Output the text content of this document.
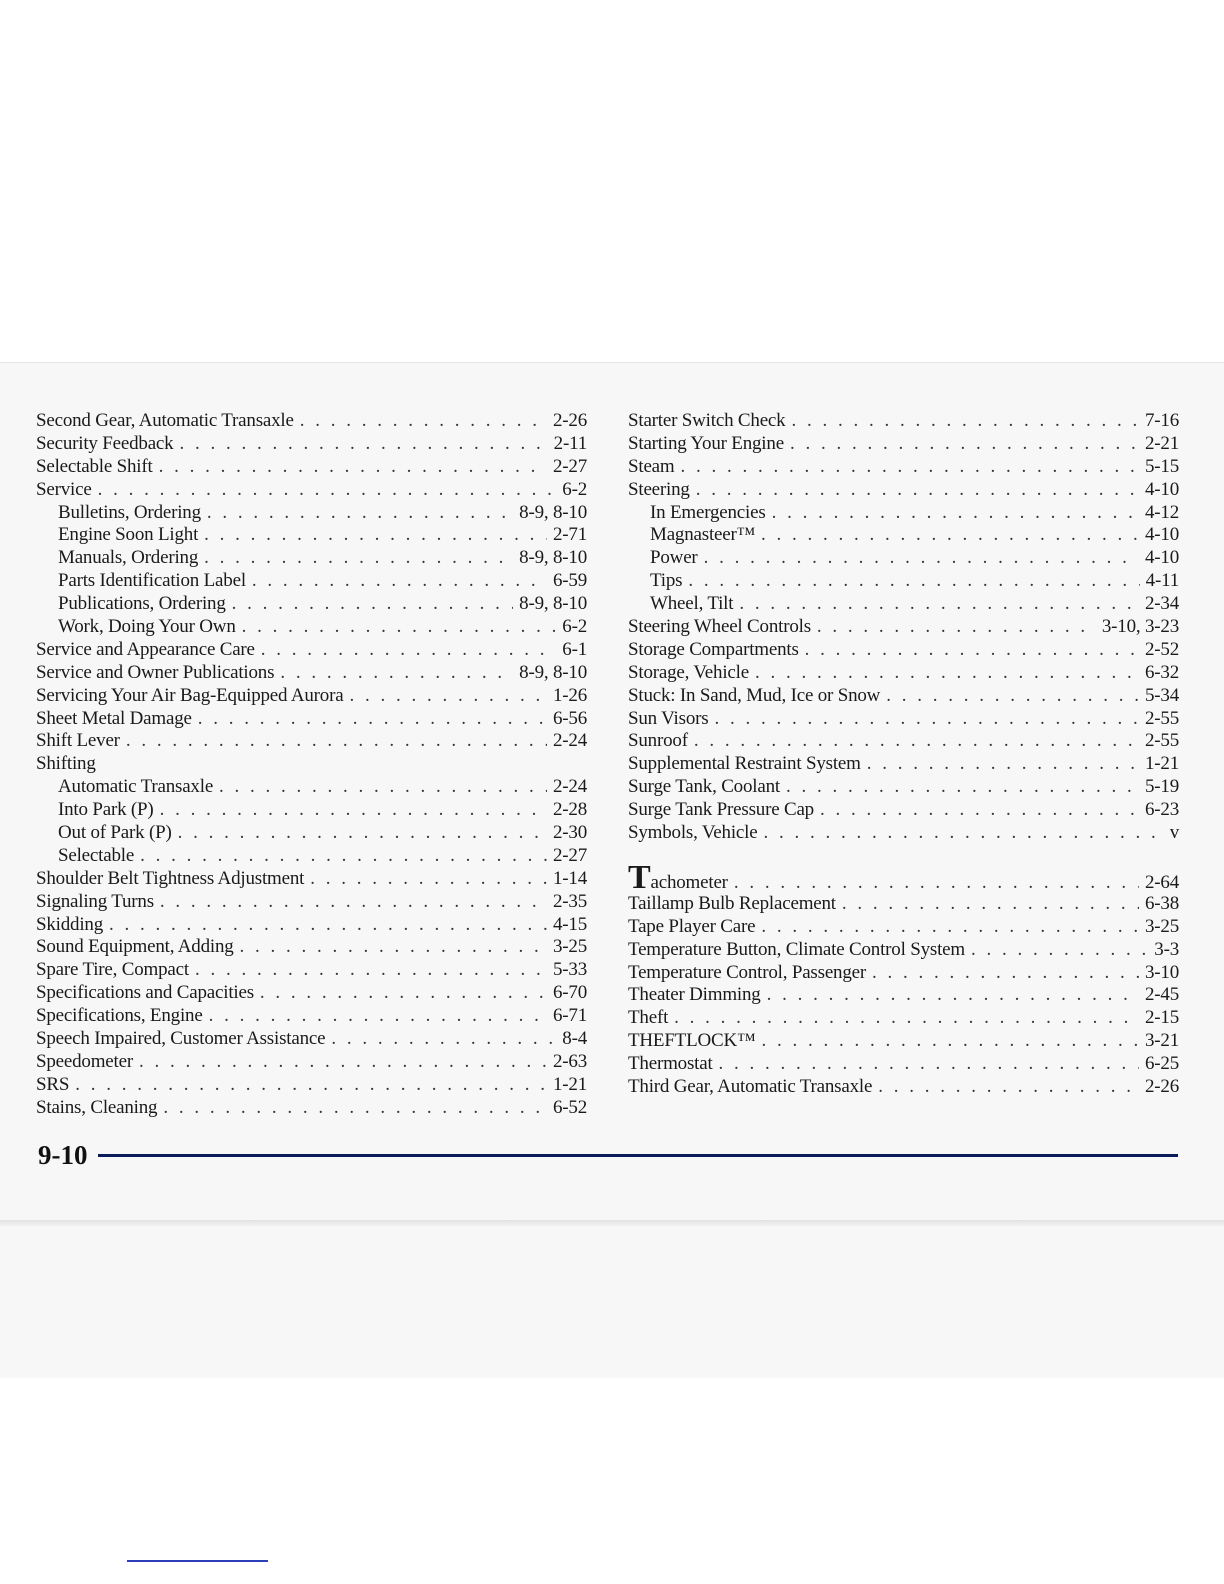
Second Gear, Automatic Transaxle . . .	2-26
Security Feedback . . .	2-11
Selectable Shift . . .	2-27
Service . . .	6-2
Bulletins, Ordering . . .	8-9, 8-10
Engine Soon Light . . .	2-71
Manuals, Ordering . . .	8-9, 8-10
Parts Identification Label . . .	6-59
Publications, Ordering . . .	8-9, 8-10
Work, Doing Your Own . . .	6-2
Service and Appearance Care . . .	6-1
Service and Owner Publications . . .	8-9, 8-10
Servicing Your Air Bag-Equipped Aurora . . .	1-26
Sheet Metal Damage . . .	6-56
Shift Lever . . .	2-24
Shifting
Automatic Transaxle . . .	2-24
Into Park (P) . . .	2-28
Out of Park (P) . . .	2-30
Selectable . . .	2-27
Shoulder Belt Tightness Adjustment . . .	1-14
Signaling Turns . . .	2-35
Skidding . . .	4-15
Sound Equipment, Adding . . .	3-25
Spare Tire, Compact . . .	5-33
Specifications and Capacities . . .	6-70
Specifications, Engine . . .	6-71
Speech Impaired, Customer Assistance . . .	8-4
Speedometer . . .	2-63
SRS . . .	1-21
Stains, Cleaning . . .	6-52
Starter Switch Check . . .	7-16
Starting Your Engine . . .	2-21
Steam . . .	5-15
Steering . . .	4-10
In Emergencies . . .	4-12
Magnasteer™ . . .	4-10
Power . . .	4-10
Tips . . .	4-11
Wheel, Tilt . . .	2-34
Steering Wheel Controls . . .	3-10, 3-23
Storage Compartments . . .	2-52
Storage, Vehicle . . .	6-32
Stuck: In Sand, Mud, Ice or Snow . . .	5-34
Sun Visors . . .	2-55
Sunroof . . .	2-55
Supplemental Restraint System . . .	1-21
Surge Tank, Coolant . . .	5-19
Surge Tank Pressure Cap . . .	6-23
Symbols, Vehicle . . .	v
Tachometer . . .	2-64
Taillamp Bulb Replacement . . .	6-38
Tape Player Care . . .	3-25
Temperature Button, Climate Control System . . .	3-3
Temperature Control, Passenger . . .	3-10
Theater Dimming . . .	2-45
Theft . . .	2-15
THEFTLOCK™ . . .	3-21
Thermostat . . .	6-25
Third Gear, Automatic Transaxle . . .	2-26
9-10
